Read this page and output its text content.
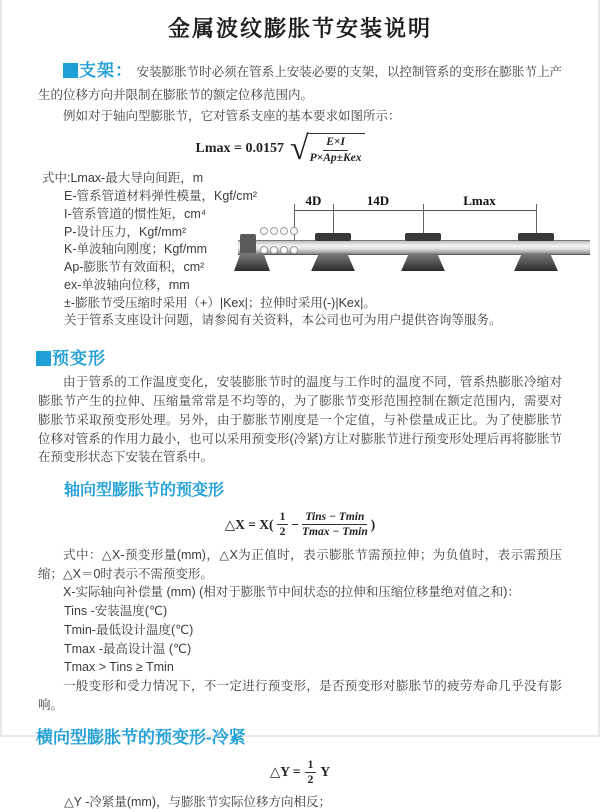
金属波纹膨胀节安装说明

支架： 安装膨胀节时必须在管系上安装必要的支架，以控制管系的变形在膨胀节上产生的位移方向并限制在膨胀节的额定位移范围内。

例如对于轴向型膨胀节，它对管系支座的基本要求如图所示：

Lmax = 0.0157 √ $\frac{E\times I}{\text{P×Ap±Kex}}$
式中:Lmax-最大导向间距，m
E-管系管道材料弹性模量，Kgf/cm²
I-管系管道的惯性矩，cm⁴
P-设计压力，Kgf/mm²
K-单波轴向刚度；Kgf/mm
Ap-膨胀节有效面积，cm²
ex-单波轴向位移，mm
±-膨胀节受压缩时采用（+）|Kex|；拉伸时采用(-)|Kex|。
关于管系支座设计问题，请参阅有关资料，本公司也可为用户提供咨询等服务。
4D	14D	Lmax
预变形

由于管系的工作温度变化，安装膨胀节时的温度与工作时的温度不同，管系热膨胀冷缩对膨胀节产生的拉伸、压缩量常常是不均等的，为了膨胀节变形范围控制在额定范围内，需要对膨胀节采取预变形处理。另外，由于膨胀节刚度是一个定值，与补偿量成正比。为了使膨胀节位移对管系的作用力最小，也可以采用预变形(冷紧)方让对膨胀节进行预变形处理后再将膨胀节在预变形状态下安装在管系中。

轴向型膨胀节的预变形
△X = $X( \frac{1}{2} - \frac{\text{Tins − Tmin}}{Tmax - Tmin}$ )

式中：△X-预变形量(mm)，△X为正值时，表示膨胀节需预拉伸；为负值时，表示需预压缩；△X＝0时表示不需预变形。

X-实际轴向补偿量 (mm) (相对于膨胀节中间状态的拉伸和压缩位移量绝对值之和)：

Tins -安装温度(℃)
Tmin-最低设计温度(℃)
Tmax -最高设计温 (℃)
Tmax > Tins ≥ Tmin

一般变形和受力情况下，不一定进行预变形，是否预变形对膨胀节的疲劳寿命几乎没有影响。

横向型膨胀节的预变形-冷紧
△Y = $\frac{1}{2}$ Y

△Y -冷紧量(mm)，与膨胀节实际位移方向相反；
